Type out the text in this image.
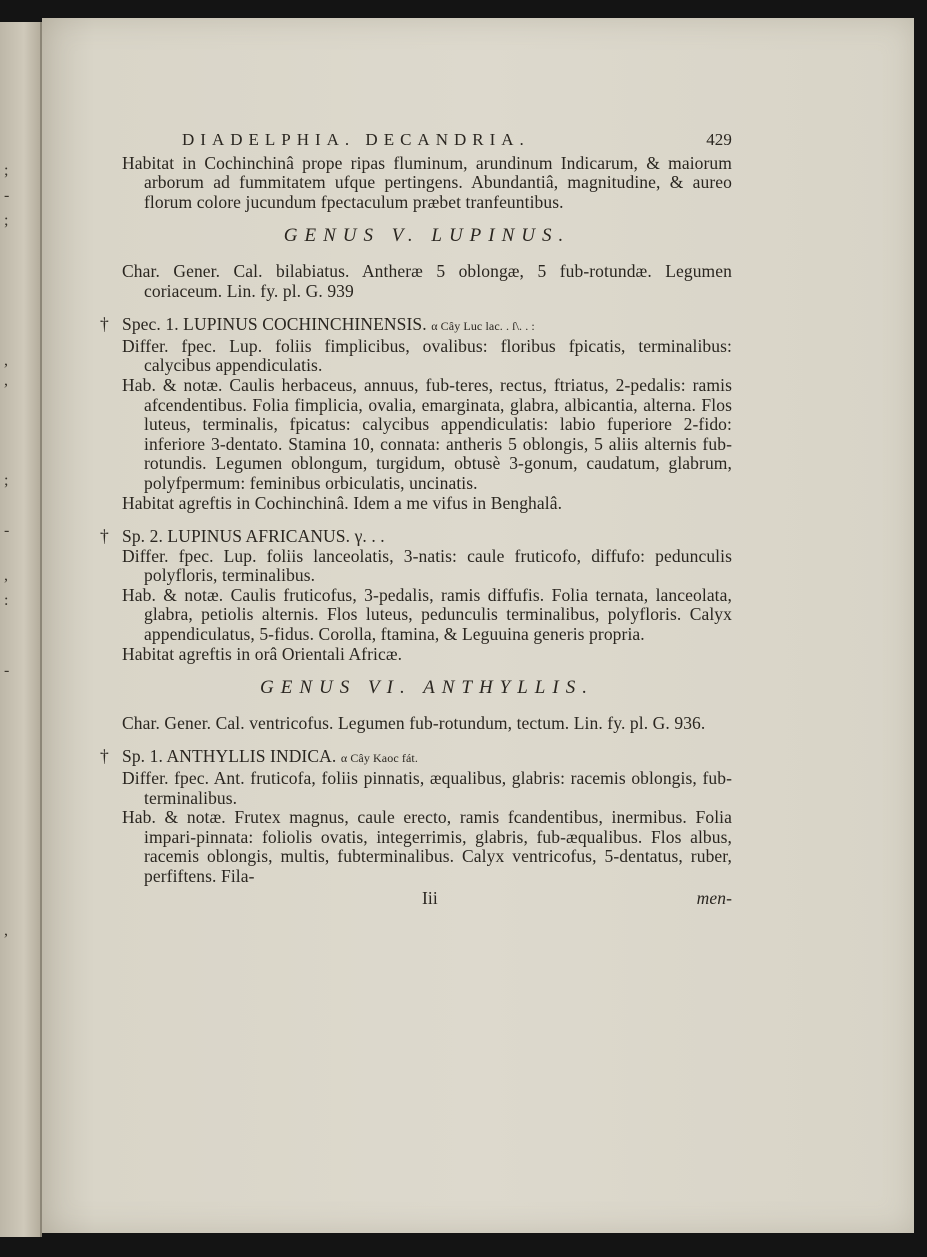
;
-
;
,
,
;
-
,
:
-
,
DIADELPHIA. DECANDRIA.	429

Habitat in Cochinchinâ prope ripas fluminum, arundinum Indicarum, & maiorum arborum ad fummitatem ufque pertingens. Abundantiâ, magnitudine, & aureo florum colore jucundum fpectaculum præbet tranfeuntibus.

GENUS V. LUPINUS.

Char. Gener. Cal. bilabiatus. Antheræ 5 oblongæ, 5 fub-rotundæ. Legumen coriaceum. Lin. fy. pl. G. 939

† Spec. 1. LUPINUS COCHINCHINENSIS. α Cây Luc lac. . ſ\. . :

Differ. fpec. Lup. foliis fimplicibus, ovalibus: floribus fpicatis, terminalibus: calycibus appendiculatis.

Hab. & notæ. Caulis herbaceus, annuus, fub-teres, rectus, ftriatus, 2-pedalis: ramis afcendentibus. Folia fimplicia, ovalia, emarginata, glabra, albicantia, alterna. Flos luteus, terminalis, fpicatus: calycibus appendiculatis: labio fuperiore 2-fido: inferiore 3-dentato. Stamina 10, connata: antheris 5 oblongis, 5 aliis alternis fub-rotundis. Legumen oblongum, turgidum, obtusè 3-gonum, caudatum, glabrum, polyfpermum: feminibus orbiculatis, uncinatis.

Habitat agreftis in Cochinchinâ. Idem a me vifus in Benghalâ.

† Sp. 2. LUPINUS AFRICANUS. γ. . .

Differ. fpec. Lup. foliis lanceolatis, 3-natis: caule fruticofo, diffufo: pedunculis polyfloris, terminalibus.

Hab. & notæ. Caulis fruticofus, 3-pedalis, ramis diffufis. Folia ternata, lanceolata, glabra, petiolis alternis. Flos luteus, pedunculis terminalibus, polyfloris. Calyx appendiculatus, 5-fidus. Corolla, ftamina, & Leguuina generis propria.

Habitat agreftis in orâ Orientali Africæ.

GENUS VI. ANTHYLLIS.

Char. Gener. Cal. ventricofus. Legumen fub-rotundum, tectum. Lin. fy. pl. G. 936.

† Sp. 1. ANTHYLLIS INDICA. α Cây Kaoc fát.

Differ. fpec. Ant. fruticofa, foliis pinnatis, æqualibus, glabris: racemis oblongis, fub-terminalibus.

Hab. & notæ. Frutex magnus, caule erecto, ramis fcandentibus, inermibus. Folia impari-pinnata: foliolis ovatis, integerrimis, glabris, fub-æqualibus. Flos albus, racemis oblongis, multis, fubterminalibus. Calyx ventricofus, 5-dentatus, ruber, perfiftens. Fila-

Iii	men-
